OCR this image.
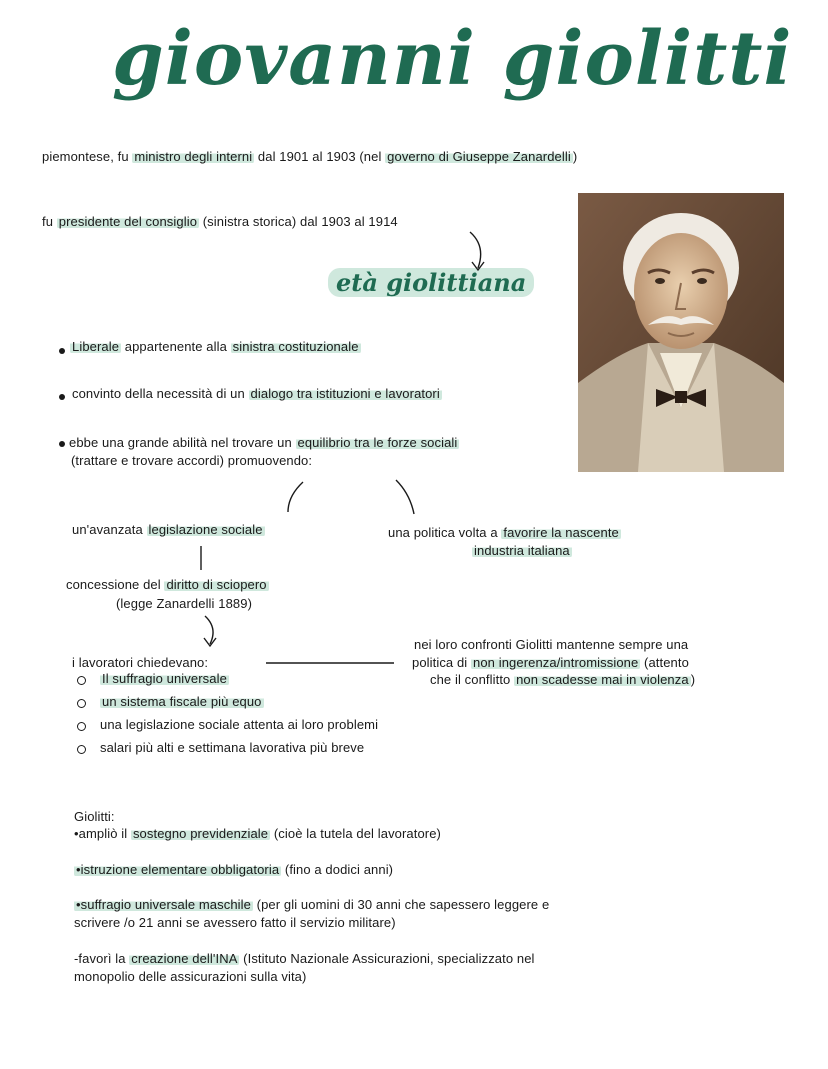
giovanni giolitti
piemontese, fu ministro degli interni dal 1901 al 1903 (nel governo di Giuseppe Zanardelli )
fu presidente del consiglio (sinistra storica) dal 1903 al 1914
età giolittiana
Liberale appartenente alla sinistra costituzionale
convinto della necessità di un dialogo tra istituzioni e lavoratori
ebbe una grande abilità nel trovare un equilibrio tra le forze sociali
(trattare e trovare accordi) promuovendo:
un'avanzata legislazione sociale	una politica volta a favorire la nascente
industria italiana
concessione del diritto di sciopero
(legge Zanardelli 1889)
i lavoratori chiedevano:
Il suffragio universale
un sistema fiscale più equo
una legislazione sociale attenta ai loro problemi
salari più alti e settimana lavorativa più breve
nei loro confronti Giolitti mantenne sempre una
politica di non ingerenza/intromissione (attento
che il conflitto non scadesse mai in violenza )
Giolitti:
•ampliò il sostegno previdenziale (cioè la tutela del lavoratore)
•istruzione elementare obbligatoria (fino a dodici anni)
•suffragio universale maschile (per gli uomini di 30 anni che sapessero leggere e
scrivere /o 21 anni se avessero fatto il servizio militare)
-favorì la creazione dell'INA (Istituto Nazionale Assicurazioni, specializzato nel
monopolio delle assicurazioni sulla vita)
